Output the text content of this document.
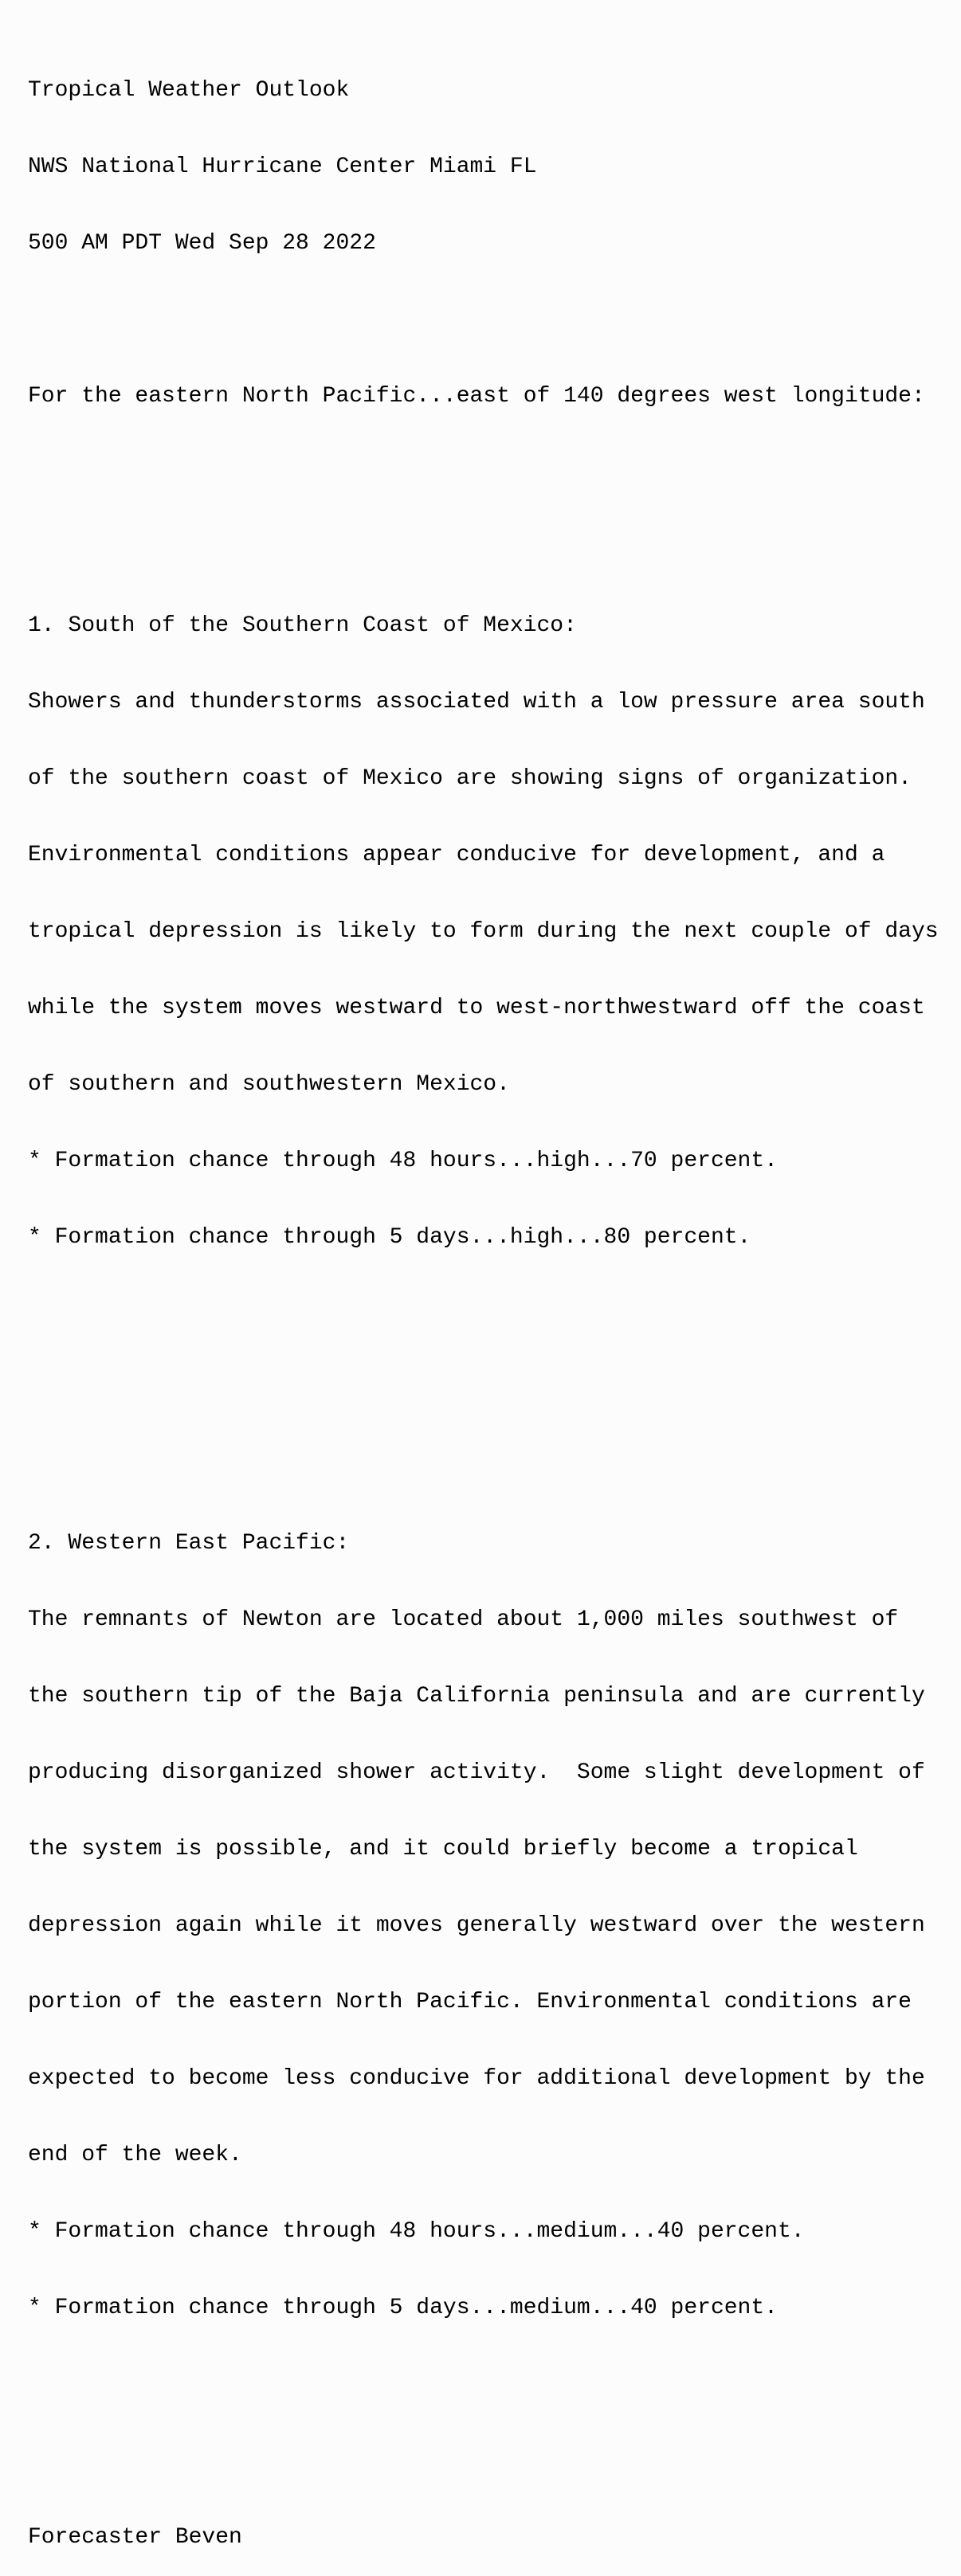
Tropical Weather Outlook

NWS National Hurricane Center Miami FL

500 AM PDT Wed Sep 28 2022

For the eastern North Pacific...east of 140 degrees west longitude:

1. South of the Southern Coast of Mexico:

Showers and thunderstorms associated with a low pressure area south

of the southern coast of Mexico are showing signs of organization.

Environmental conditions appear conducive for development, and a

tropical depression is likely to form during the next couple of days

while the system moves westward to west-northwestward off the coast

of southern and southwestern Mexico.

* Formation chance through 48 hours...high...70 percent.

* Formation chance through 5 days...high...80 percent.

2. Western East Pacific:

The remnants of Newton are located about 1,000 miles southwest of

the southern tip of the Baja California peninsula and are currently

producing disorganized shower activity.  Some slight development of

the system is possible, and it could briefly become a tropical

depression again while it moves generally westward over the western

portion of the eastern North Pacific. Environmental conditions are

expected to become less conducive for additional development by the

end of the week.

* Formation chance through 48 hours...medium...40 percent.

* Formation chance through 5 days...medium...40 percent.

Forecaster Beven
